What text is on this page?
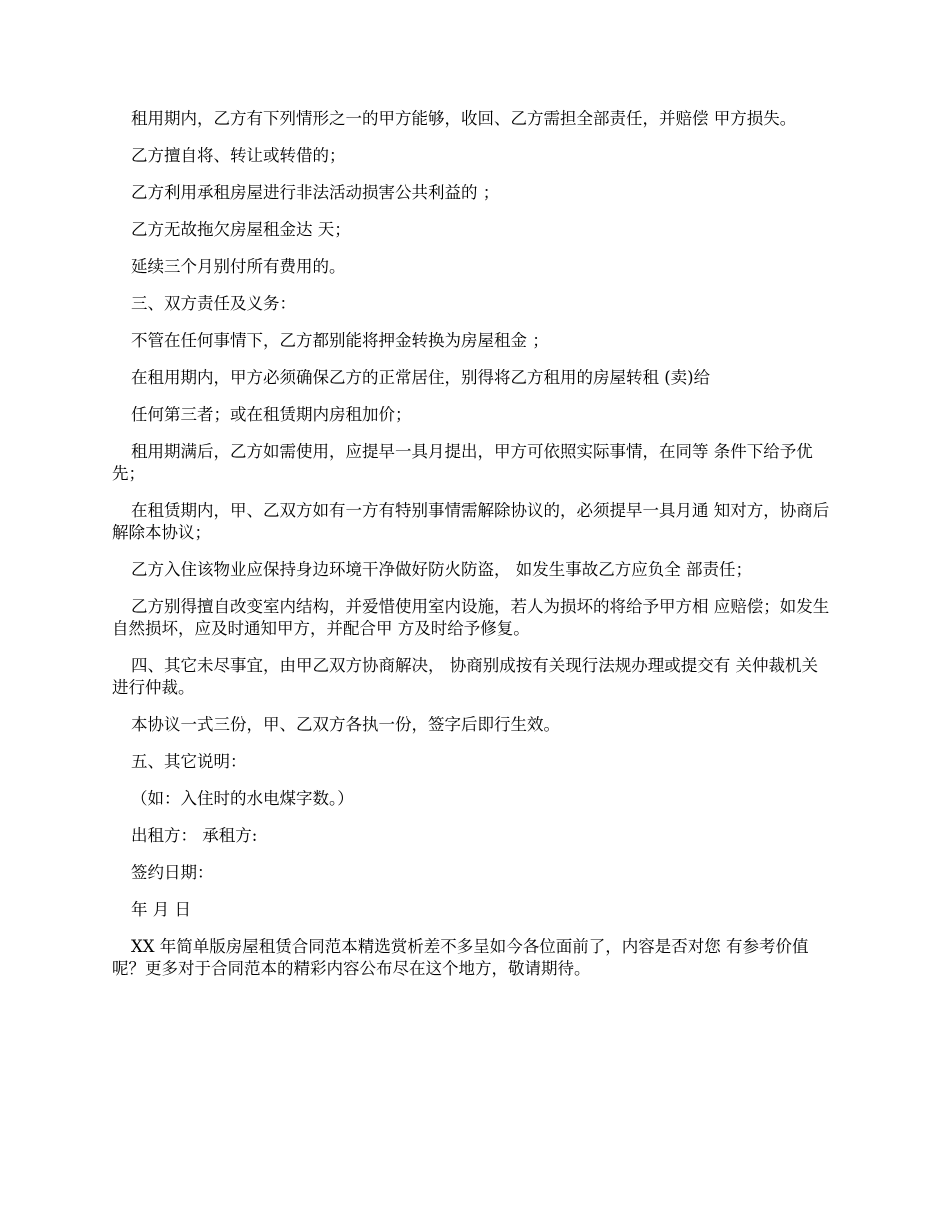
租用期内，乙方有下列情形之一的甲方能够，收回、乙方需担全部责任，并赔偿 甲方损失。

乙方擅自将、转让或转借的；

乙方利用承租房屋进行非法活动损害公共利益的 ；

乙方无故拖欠房屋租金达 天；

延续三个月别付所有费用的。

三、双方责任及义务：

不管在任何事情下，乙方都别能将押金转换为房屋租金 ；

在租用期内，甲方必须确保乙方的正常居住，别得将乙方租用的房屋转租 (卖)给

任何第三者；或在租赁期内房租加价；

租用期满后，乙方如需使用，应提早一具月提出，甲方可依照实际事情，在同等 条件下给予优先；

在租赁期内，甲、乙双方如有一方有特别事情需解除协议的，必须提早一具月通 知对方，协商后解除本协议；

乙方入住该物业应保持身边环境干净做好防火防盗， 如发生事故乙方应负全 部责任；

乙方别得擅自改变室内结构，并爱惜使用室内设施，若人为损坏的将给予甲方相 应赔偿；如发生自然损坏，应及时通知甲方，并配合甲 方及时给予修复。

四、其它未尽事宜，由甲乙双方协商解决， 协商别成按有关现行法规办理或提交有 关仲裁机关进行仲裁。

本协议一式三份，甲、乙双方各执一份，签字后即行生效。

五、其它说明：

（如：入住时的水电煤字数。）

出租方： 承租方:

签约日期：

年 月 日

XX 年简单版房屋租赁合同范本精选赏析差不多呈如今各位面前了，内容是否对您 有参考价值呢？更多对于合同范本的精彩内容公布尽在这个地方，敬请期待。
